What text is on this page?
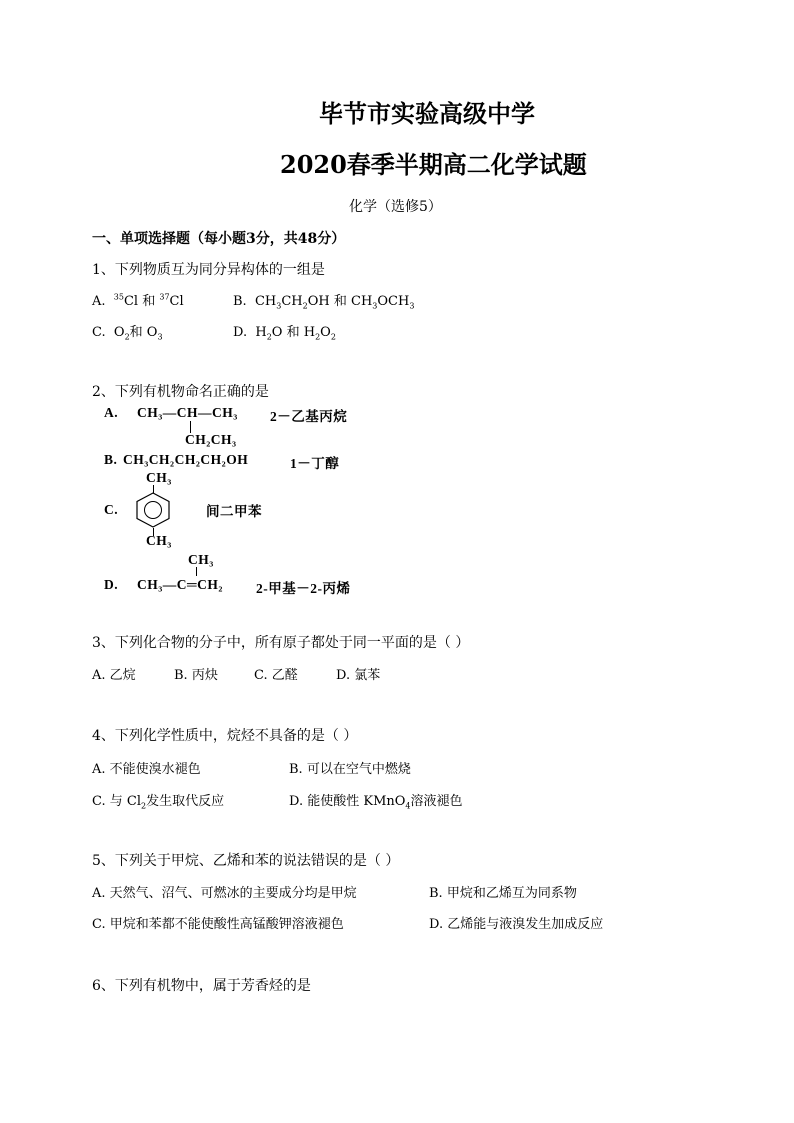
毕节市实验高级中学
2020春季半期高二化学试题
化学（选修5）
一、单项选择题（每小题3分，共48分）
1、下列物质互为同分异构体的一组是
A. $^{35}$Cl 和 $^{37}$Cl	B. $CH_3CH_2OH$ 和 $CH_3OCH_3$
C. $O_2$和 $O_3$	D. $H_2O$ 和 $H_2O_2$
2、下列有机物命名正确的是
A. CH₃—CH—CH₃ 2－乙基丙烷
CH₂CH₃
B. CH₃CH₂CH₂CH₂OH	1－丁醇
CH₃
C.
CH₃
间二甲苯
CH₃
D. CH₃—C═CH₂ 2-甲基－2-丙烯
3、下列化合物的分子中，所有原子都处于同一平面的是（ ）
A. 乙烷	B. 丙炔	C. 乙醛	D. 氯苯
4、下列化学性质中，烷烃不具备的是（ ）
A. 不能使溴水褪色	B. 可以在空气中燃烧
C. 与 $Cl_2$发生取代反应	D. 能使酸性 KMnO$_4$溶液褪色
5、下列关于甲烷、乙烯和苯的说法错误的是（ ）
A. 天然气、沼气、可燃冰的主要成分均是甲烷	B. 甲烷和乙烯互为同系物
C. 甲烷和苯都不能使酸性高锰酸钾溶液褪色	D. 乙烯能与液溴发生加成反应
6、下列有机物中，属于芳香烃的是
